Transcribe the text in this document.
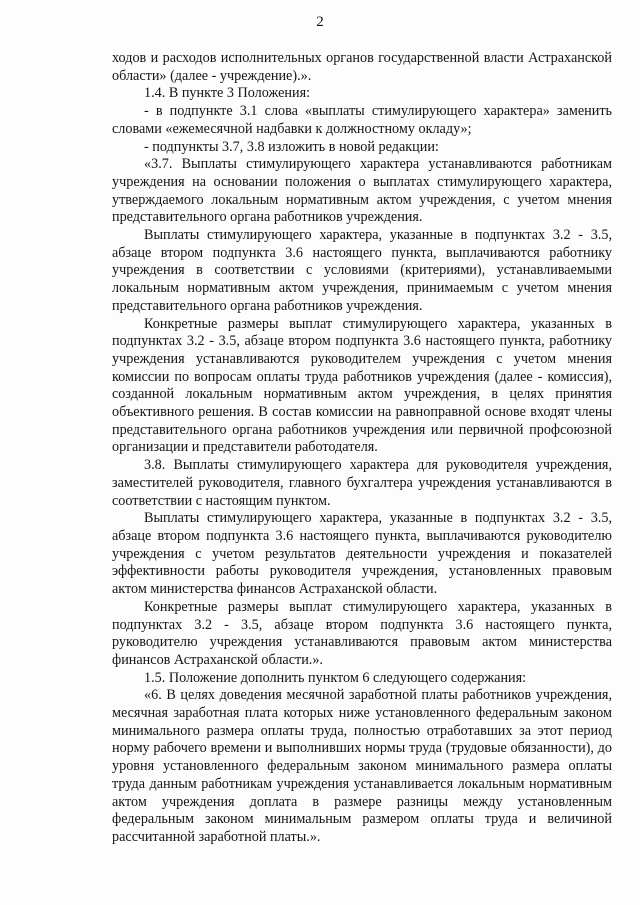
2

ходов и расходов исполнительных органов государственной власти Астраханской области» (далее - учреждение).».

1.4. В пункте 3 Положения:

- в подпункте 3.1 слова «выплаты стимулирующего характера» заменить словами «ежемесячной надбавки к должностному окладу»;

- подпункты 3.7, 3.8 изложить в новой редакции:

«3.7. Выплаты стимулирующего характера устанавливаются работникам учреждения на основании положения о выплатах стимулирующего характера, утверждаемого локальным нормативным актом учреждения, с учетом мнения представительного органа работников учреждения.

Выплаты стимулирующего характера, указанные в подпунктах 3.2 - 3.5, абзаце втором подпункта 3.6 настоящего пункта, выплачиваются работнику учреждения в соответствии с условиями (критериями), устанавливаемыми локальным нормативным актом учреждения, принимаемым с учетом мнения представительного органа работников учреждения.

Конкретные размеры выплат стимулирующего характера, указанных в подпунктах 3.2 - 3.5, абзаце втором подпункта 3.6 настоящего пункта, работнику учреждения устанавливаются руководителем учреждения с учетом мнения комиссии по вопросам оплаты труда работников учреждения (далее - комиссия), созданной локальным нормативным актом учреждения, в целях принятия объективного решения. В состав комиссии на равноправной основе входят члены представительного органа работников учреждения или первичной профсоюзной организации и представители работодателя.

3.8. Выплаты стимулирующего характера для руководителя учреждения, заместителей руководителя, главного бухгалтера учреждения устанавливаются в соответствии с настоящим пунктом.

Выплаты стимулирующего характера, указанные в подпунктах 3.2 - 3.5, абзаце втором подпункта 3.6 настоящего пункта, выплачиваются руководителю учреждения с учетом результатов деятельности учреждения и показателей эффективности работы руководителя учреждения, установленных правовым актом министерства финансов Астраханской области.

Конкретные размеры выплат стимулирующего характера, указанных в подпунктах 3.2 - 3.5, абзаце втором подпункта 3.6 настоящего пункта, руководителю учреждения устанавливаются правовым актом министерства финансов Астраханской области.».

1.5. Положение дополнить пунктом 6 следующего содержания:

«6. В целях доведения месячной заработной платы работников учреждения, месячная заработная плата которых ниже установленного федеральным законом минимального размера оплаты труда, полностью отработавших за этот период норму рабочего времени и выполнивших нормы труда (трудовые обязанности), до уровня установленного федеральным законом минимального размера оплаты труда данным работникам учреждения устанавливается локальным нормативным актом учреждения доплата в размере разницы между установленным федеральным законом минимальным размером оплаты труда и величиной рассчитанной заработной платы.».
